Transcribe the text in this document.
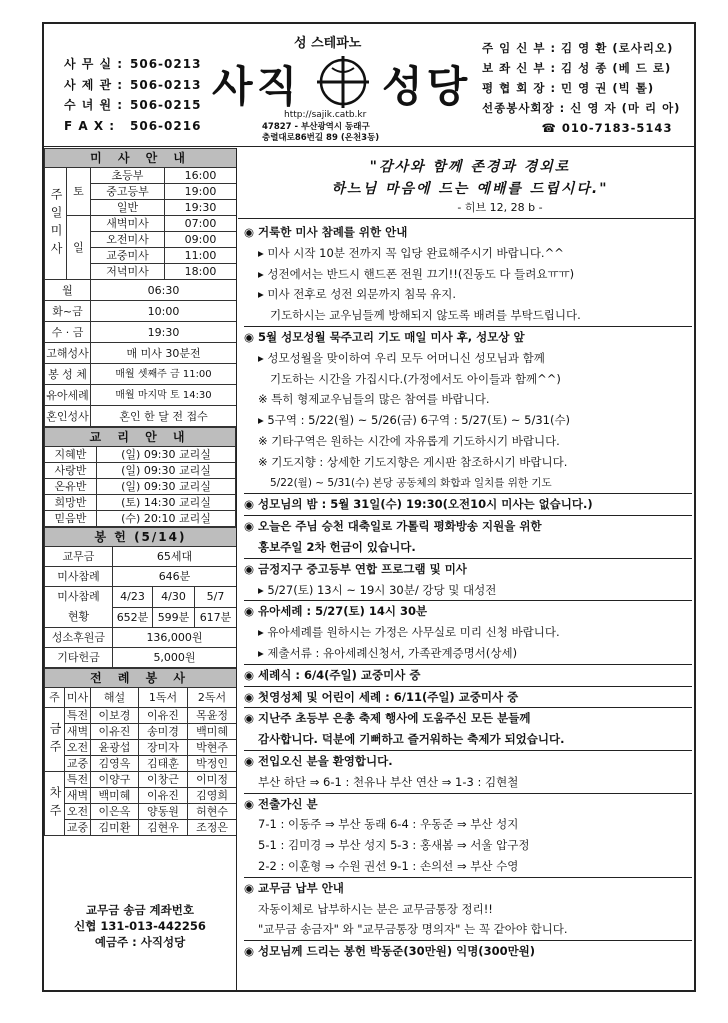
사 무 실 : 506-0213
사 제 관 : 506-0213
수 녀 원 : 506-0215
F A X : 506-0216
성 스테파노
사직 성당
http://sajik.catb.kr
47827 - 부산광역시 동래구
충렬대로86번길 89 (온천3동)
주 임 신 부 : 김 영 환 (로사리오)
보 좌 신 부 : 김 성 종 (베 드 로)
평 협 회 장 : 민 영 권 (빅 톨)
선종봉사회장 : 신 영 자 (마 리 아)
☎ 010-7183-5143
미 사 안 내			
주일미사	토	초등부	16:00
		중고등부	19:00
		일반	19:30
	일	새벽미사	07:00
		오전미사	09:00
		교중미사	11:00
		저녁미사	18:00
월		06:30	
화~금		10:00	
수 · 금		19:30	
고해성사		매 미사 30분전	
봉 성 체		매월 셋째주 금 11:00	
유아세례		매월 마지막 토 14:30	
혼인성사		혼인 한 달 전 접수	
교 리 안 내	
지혜반	(일) 09:30 교리실
사랑반	(일) 09:30 교리실
온유반	(일) 09:30 교리실
희망반	(토) 14:30 교리실
믿음반	(수) 20:10 교리실
봉 헌 (5/14)			
교무금	65세대		
미사참례	646분		

미사참례
현황	4/23	4/30	5/7
	652분	599분	617분
성소후원금	136,000원		
기타헌금	5,000원		
전 례 봉 사				
주	미사	해설	1독서	2독서
금주	특전	이보경	이유진	목윤정
	새벽	이유진	송미경	백미혜
	오전	윤광섭	장미자	박현주
	교중	김영옥	김태훈	박정인
차주	특전	이양구	이창근	이미정
	새벽	백미혜	이유진	김영희
	오전	이은옥	양동원	허현수
	교중	김미환	김현우	조정은
교무금 송금 계좌번호
신협 131-013-442256
예금주 : 사직성당
"감사와 함께 존경과 경외로
하느님 마음에 드는 예배를 드립시다."
- 히브 12, 28 b -
◉ 거룩한 미사 참례를 위한 안내
▸ 미사 시작 10분 전까지 꼭 입당 완료해주시기 바랍니다.^^
▸ 성전에서는 반드시 핸드폰 전원 끄기!!(진동도 다 들려요ㅠㅠ)
▸ 미사 전후로 성전 외문까지 침묵 유지.
기도하시는 교우님들께 방해되지 않도록 배려를 부탁드립니다.
◉ 5월 성모성월 묵주고리 기도 매일 미사 후, 성모상 앞
▸ 성모성월을 맞이하여 우리 모두 어머니신 성모님과 함께
기도하는 시간을 가집시다.(가정에서도 아이들과 함께^^)
※ 특히 형제교우님들의 많은 참여를 바랍니다.
▸ 5구역 : 5/22(월) ~ 5/26(금) 6구역 : 5/27(토) ~ 5/31(수)
※ 기타구역은 원하는 시간에 자유롭게 기도하시기 바랍니다.
※ 기도지향 : 상세한 기도지향은 게시판 참조하시기 바랍니다.
5/22(월) ~ 5/31(수) 본당 공동체의 화합과 일치를 위한 기도
◉ 성모님의 밤 : 5월 31일(수) 19:30(오전10시 미사는 없습니다.)
◉ 오늘은 주님 승천 대축일로 가톨릭 평화방송 지원을 위한
홍보주일 2차 헌금이 있습니다.
◉ 금정지구 중고등부 연합 프로그램 및 미사
▸ 5/27(토) 13시 ~ 19시 30분/ 강당 및 대성전
◉ 유아세례 : 5/27(토) 14시 30분
▸ 유아세례를 원하시는 가정은 사무실로 미리 신청 바랍니다.
▸ 제출서류 : 유아세례신청서, 가족관계증명서(상세)
◉ 세례식 : 6/4(주일) 교중미사 중
◉ 첫영성체 및 어린이 세례 : 6/11(주일) 교중미사 중
◉ 지난주 초등부 은총 축제 행사에 도움주신 모든 분들께
감사합니다. 덕분에 기뻐하고 즐거워하는 축제가 되었습니다.
◉ 전입오신 분을 환영합니다.
부산 하단 ⇒ 6-1 : 천유나 부산 연산 ⇒ 1-3 : 김현철
◉ 전출가신 분
7-1 : 이동주 ⇒ 부산 동래 6-4 : 우동준 ⇒ 부산 성지
5-1 : 김미경 ⇒ 부산 성지 5-3 : 홍새봄 ⇒ 서울 압구정
2-2 : 이훈형 ⇒ 수원 권선 9-1 : 손의선 ⇒ 부산 수영
◉ 교무금 납부 안내
자동이체로 납부하시는 분은 교무금통장 정리!!
"교무금 송금자" 와 "교무금통장 명의자" 는 꼭 같아야 합니다.
◉ 성모님께 드리는 봉헌 박동준(30만원) 익명(300만원)
